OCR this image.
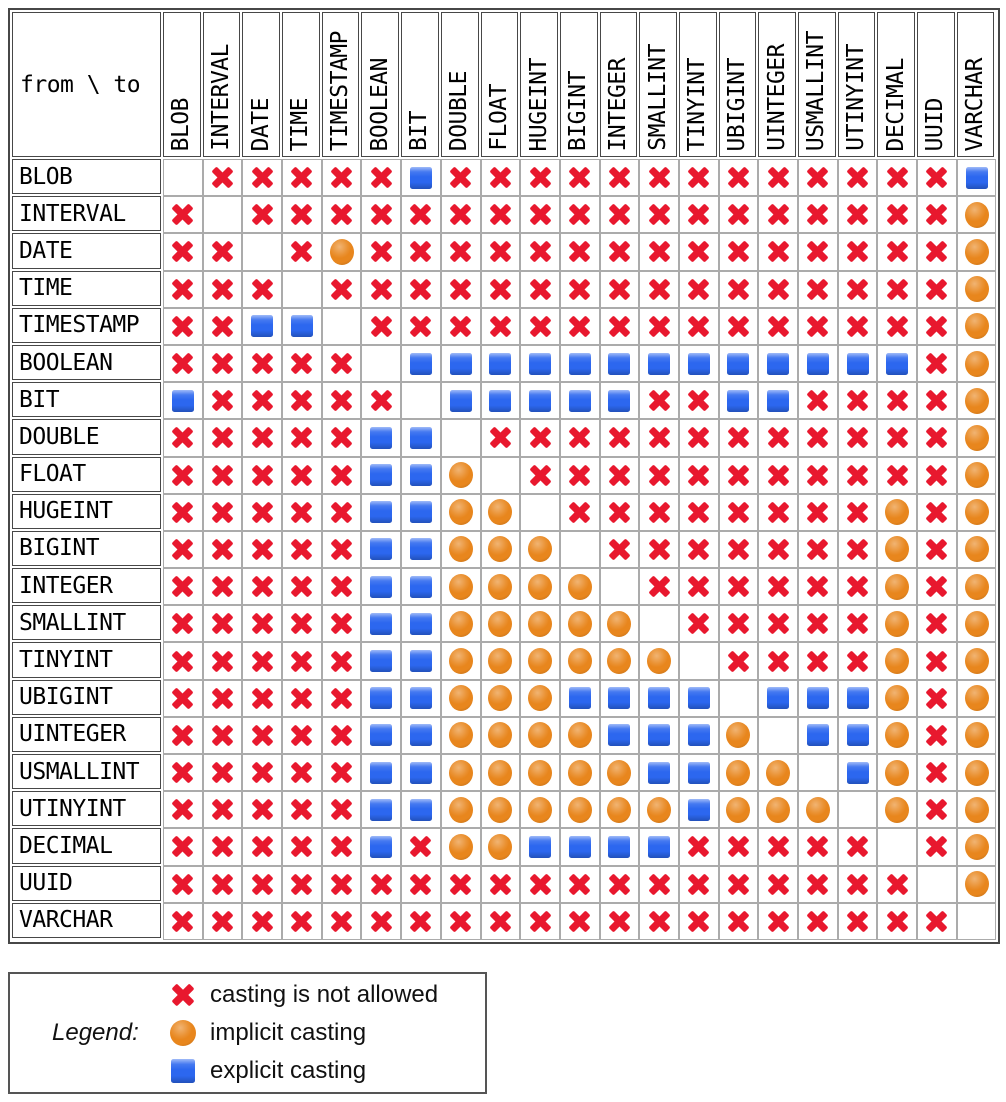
from \ to
BLOB INTERVAL DATE TIME TIMESTAMP BOOLEAN BIT DOUBLE FLOAT HUGEINT BIGINT INTEGER SMALLINT TINYINT UBIGINT UINTEGER USMALLINT UTINYINT DECIMAL UUID VARCHAR
BLOB
INTERVAL
DATE
TIME
TIMESTAMP
BOOLEAN
BIT
DOUBLE
FLOAT
HUGEINT
BIGINT
INTEGER
SMALLINT
TINYINT
UBIGINT
UINTEGER
USMALLINT
UTINYINT
DECIMAL
UUID
VARCHAR
Legend:
casting is not allowed
implicit casting
explicit casting
